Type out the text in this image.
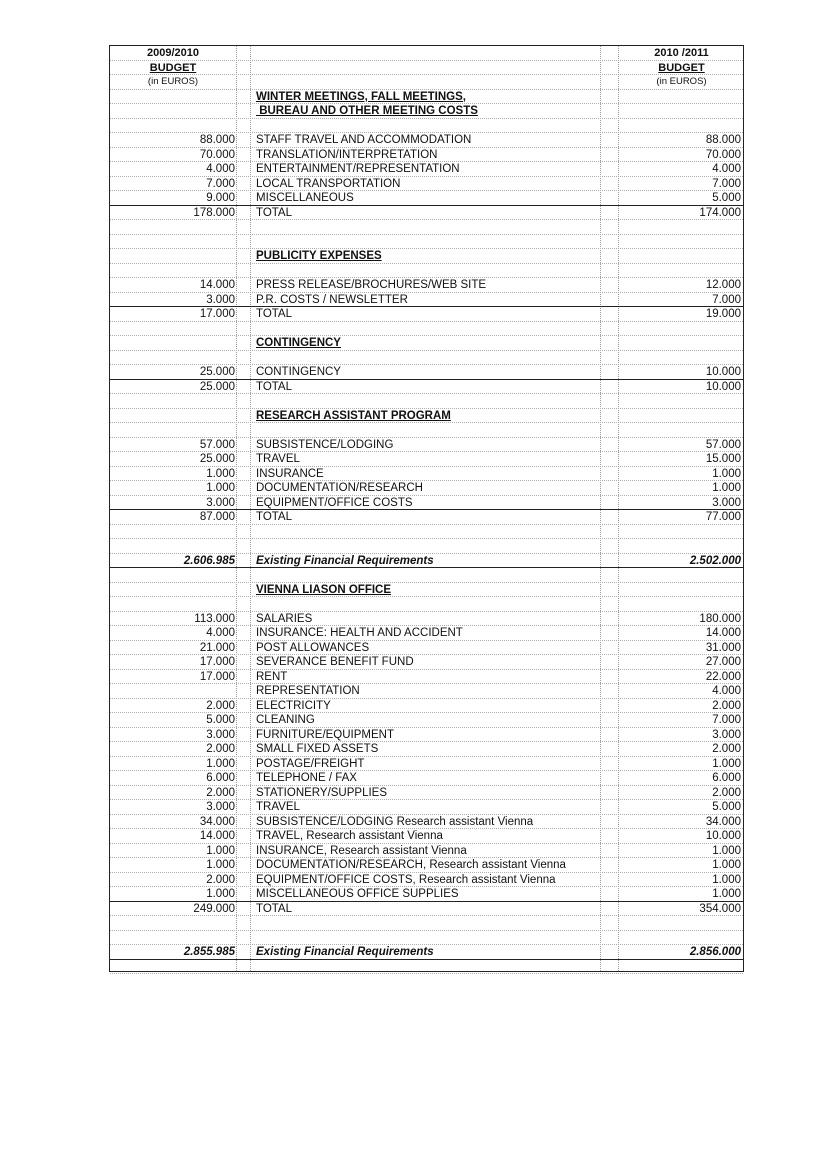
2009/2010	2010 /2011
BUDGET	BUDGET
(in EUROS)	(in EUROS)
WINTER MEETINGS, FALL MEETINGS,
BUREAU AND OTHER MEETING COSTS
88.000 STAFF TRAVEL AND ACCOMMODATION	88.000
70.000 TRANSLATION/INTERPRETATION	70.000
4.000 ENTERTAINMENT/REPRESENTATION	4.000
7.000 LOCAL TRANSPORTATION	7.000
9.000 MISCELLANEOUS	5.000
178.000 TOTAL	174.000
PUBLICITY EXPENSES
14.000 PRESS RELEASE/BROCHURES/WEB SITE	12.000
3.000 P.R. COSTS / NEWSLETTER	7.000
17.000 TOTAL	19.000
CONTINGENCY
25.000 CONTINGENCY	10.000
25.000 TOTAL	10.000
RESEARCH ASSISTANT PROGRAM
57.000 SUBSISTENCE/LODGING	57.000
25.000 TRAVEL	15.000
1.000 INSURANCE	1.000
1.000 DOCUMENTATION/RESEARCH	1.000
3.000 EQUIPMENT/OFFICE COSTS	3.000
87.000 TOTAL	77.000
2.606.985 Existing Financial Requirements	2.502.000
VIENNA LIASON OFFICE
113.000 SALARIES	180.000
4.000 INSURANCE: HEALTH AND ACCIDENT	14.000
21.000 POST ALLOWANCES	31.000
17.000 SEVERANCE BENEFIT FUND	27.000
17.000 RENT	22.000
REPRESENTATION	4.000
2.000 ELECTRICITY	2.000
5.000 CLEANING	7.000
3.000 FURNITURE/EQUIPMENT	3.000
2.000 SMALL FIXED ASSETS	2.000
1.000 POSTAGE/FREIGHT	1.000
6.000 TELEPHONE / FAX	6.000
2.000 STATIONERY/SUPPLIES	2.000
3.000 TRAVEL	5.000
34.000 SUBSISTENCE/LODGING Research assistant Vienna	34.000
14.000 TRAVEL, Research assistant Vienna	10.000
1.000 INSURANCE, Research assistant Vienna	1.000
1.000 DOCUMENTATION/RESEARCH, Research assistant Vienna	1.000
2.000 EQUIPMENT/OFFICE COSTS, Research assistant Vienna	1.000
1.000 MISCELLANEOUS OFFICE SUPPLIES	1.000
249.000 TOTAL	354.000
2.855.985 Existing Financial Requirements	2.856.000
